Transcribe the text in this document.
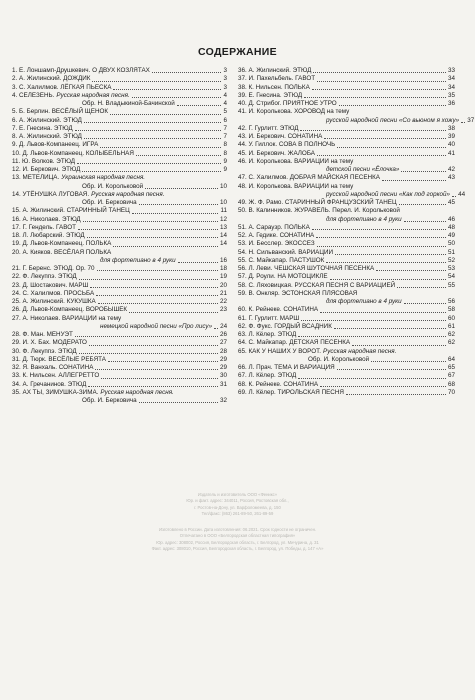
СОДЕРЖАНИЕ
1. Е. Лоншамп-Друшкевич. О ДВУХ КОЗЛЯТАХ	3
2. А. Жилинский. ДОЖДИК	3
3. С. Халилмов. ЛЁГКАЯ ПЬЕСКА	3
4. СЕЛЕЗЕНЬ. Русская народная песня.	4
Обр. Н. Владыкиной-Бачинской	4
5. Б. Берлин. ВЕСЁЛЫЙ ЩЕНОК	5
6. А. Жилинский. ЭТЮД	6
7. Е. Гнесина. ЭТЮД	7
8. А. Жилинский. ЭТЮД	7
9. Д. Львов-Компанеец. ИГРА	8
10. Д. Львов-Компанеец. КОЛЫБЕЛЬНАЯ	8
11. Ю. Волков. ЭТЮД	9
12. И. Беркович. ЭТЮД	9
13. МЕТЕЛИЦА. Украинская народная песня.
Обр. И. Корольковой	10
14. УТЁНУШКА ЛУГОВАЯ. Русская народная песня.
Обр. И. Берковича	10
15. А. Жилинский. СТАРИННЫЙ ТАНЕЦ	11
16. А. Николаев. ЭТЮД	12
17. Г. Гендель. ГАВОТ	13
18. Л. Любарский. ЭТЮД	14
19. Д. Львов-Компанеец. ПОЛЬКА	14
20. А. Кияков. ВЕСЁЛАЯ ПОЛЬКА
для фортепиано в 4 руки	16
21. Г. Беренс. ЭТЮД. Ор. 70	18
22. Ф. Лекуппэ. ЭТЮД	19
23. Д. Шостакович. МАРШ	20
24. С. Халилмов. ПРОСЬБА	21
25. А. Жилинский. КУКУШКА	22
26. Д. Львов-Компанеец. ВОРОБЫШЕК	23
27. А. Николаев. ВАРИАЦИИ на тему
немецкой народной песни «Про лису» 24
28. Ф. Ман. МЕНУЭТ	26
29. И. Х. Бах. МОДЕРАТО	27
30. Ф. Лекуппэ. ЭТЮД	28
31. Д. Тюрк. ВЕСЁЛЫЕ РЕБЯТА	29
32. Я. Ванхаль. СОНАТИНА	29
33. К. Нильсен. АЛЛЕГРЕТТО	30
34. А. Гречанинов. ЭТЮД	31
35. АХ ТЫ, ЗИМУШКА-ЗИМА. Русская народная песня.
Обр. И. Берковича	32
36. А. Жилинский. ЭТЮД	33
37. И. Пахельбель. ГАВОТ	34
38. К. Нильсен. ПОЛЬКА	34
39. Е. Гнесина. ЭТЮД	35
40. Д. Стрибог. ПРИЯТНОЕ УТРО	36
41. И. Королькова. ХОРОВОД на тему
русской народной песни «Со вьюном я хожу» 37
42. Г. Гурлитт. ЭТЮД	38
43. И. Беркович. СОНАТИНА	39
44. У. Гиллок. СОВА В ПОЛНОЧЬ	40
45. И. Беркович. ЖАЛОБА	41
46. И. Королькова. ВАРИАЦИИ на тему
детской песни «Ёлочка»	42
47. С. Халилмов. ДОБРАЯ МАЙСКАЯ ПЕСЕНКА	43
48. И. Королькова. ВАРИАЦИИ на тему
русской народной песни «Как под горкой» 44
49. Ж. Ф. Рамо. СТАРИННЫЙ ФРАНЦУЗСКИЙ ТАНЕЦ	45
50. В. Калинников. ЖУРАВЕЛЬ. Перел. И. Корольковой
для фортепиано в 4 руки	46
51. А. Сараузр. ПОЛЬКА	48
52. А. Гедике. СОНАТИНА	49
53. И. Бесслер. ЭКОССЕЗ	50
54. Н. Сильванский. ВАРИАЦИИ	51
55. С. Майкапар. ПАСТУШОК	52
56. Л. Леви. ЧЕШСКАЯ ШУТОЧНАЯ ПЕСЕНКА	53
57. Д. Роули. НА МОТОЦИКЛЕ	54
58. С. Ляховицкая. РУССКАЯ ПЕСНЯ С ВАРИАЦИЕЙ	55
59. В. Онкляр. ЭСТОНСКАЯ ПЛЯСОВАЯ
для фортепиано в 4 руки	56
60. К. Рейнеке. СОНАТИНА	58
61. Г. Гурлитт. МАРШ	60
62. Ф. Фукс. ГОРДЫЙ ВСАДНИК	61
63. Л. Кёлер. ЭТЮД	62
64. С. Майкапар. ДЕТСКАЯ ПЕСЕНКА	62
65. КАК У НАШИХ У ВОРОТ. Русская народная песня.
Обр. И. Корольковой	64
66. Л. Прач. ТЕМА И ВАРИАЦИЯ	65
67. Л. Кёлер. ЭТЮД	67
68. К. Рейнеке. СОНАТИНА	68
69. Л. Кёлер. ТИРОЛЬСКАЯ ПЕСНЯ	70
Издатель и изготовитель ООО «Феникс»
Юр. и факт. адрес: 344011, Россия, Ростовская обл.,
г. Ростов-на-Дону, ул. Варфоломеева, д. 150
Тел/факс: (863) 261-89-50, 261-89-59
Изготовлено в России. Дата изготовления: 06.2021. Срок годности не ограничен.
Отпечатано в ООО «Белгородская областная типография»
Юр. адрес: 308002, Россия, Белгородская область, г. Белгород, ул. Мичурина, д. 31
Факт. адрес: 308010, Россия, Белгородская область, г. Белгород, ул. Победы, д. 147 «А»
